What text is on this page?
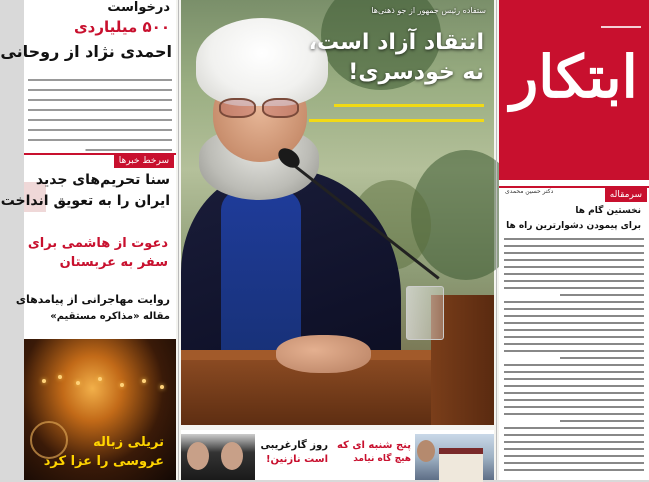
درخواست
۵۰۰ میلیاردی
احمدی نژاد از روحانی
سرخط خبرها
سنا تحریم‌های جدید
ایران را به تعویق انداخت
دعوت از هاشمی برای
سفر به عربستان
روایت مهاجرانی از پیامدهای
مقاله «مذاکره مستقیم»
تریلی زباله
عروسی را عزا کرد
ستفاده رئیس جمهور از جو ذهنی‌ها
انتقاد آزاد است،
نه خودسری!
روز گارغریبی
است نازنین!
پنج شنبه ای که
هیچ گاه نیامد
ابتکار
سرمقاله
دکتر حسین محمدی
نخستین گام ها
برای پیمودن دشوارترین راه ها
